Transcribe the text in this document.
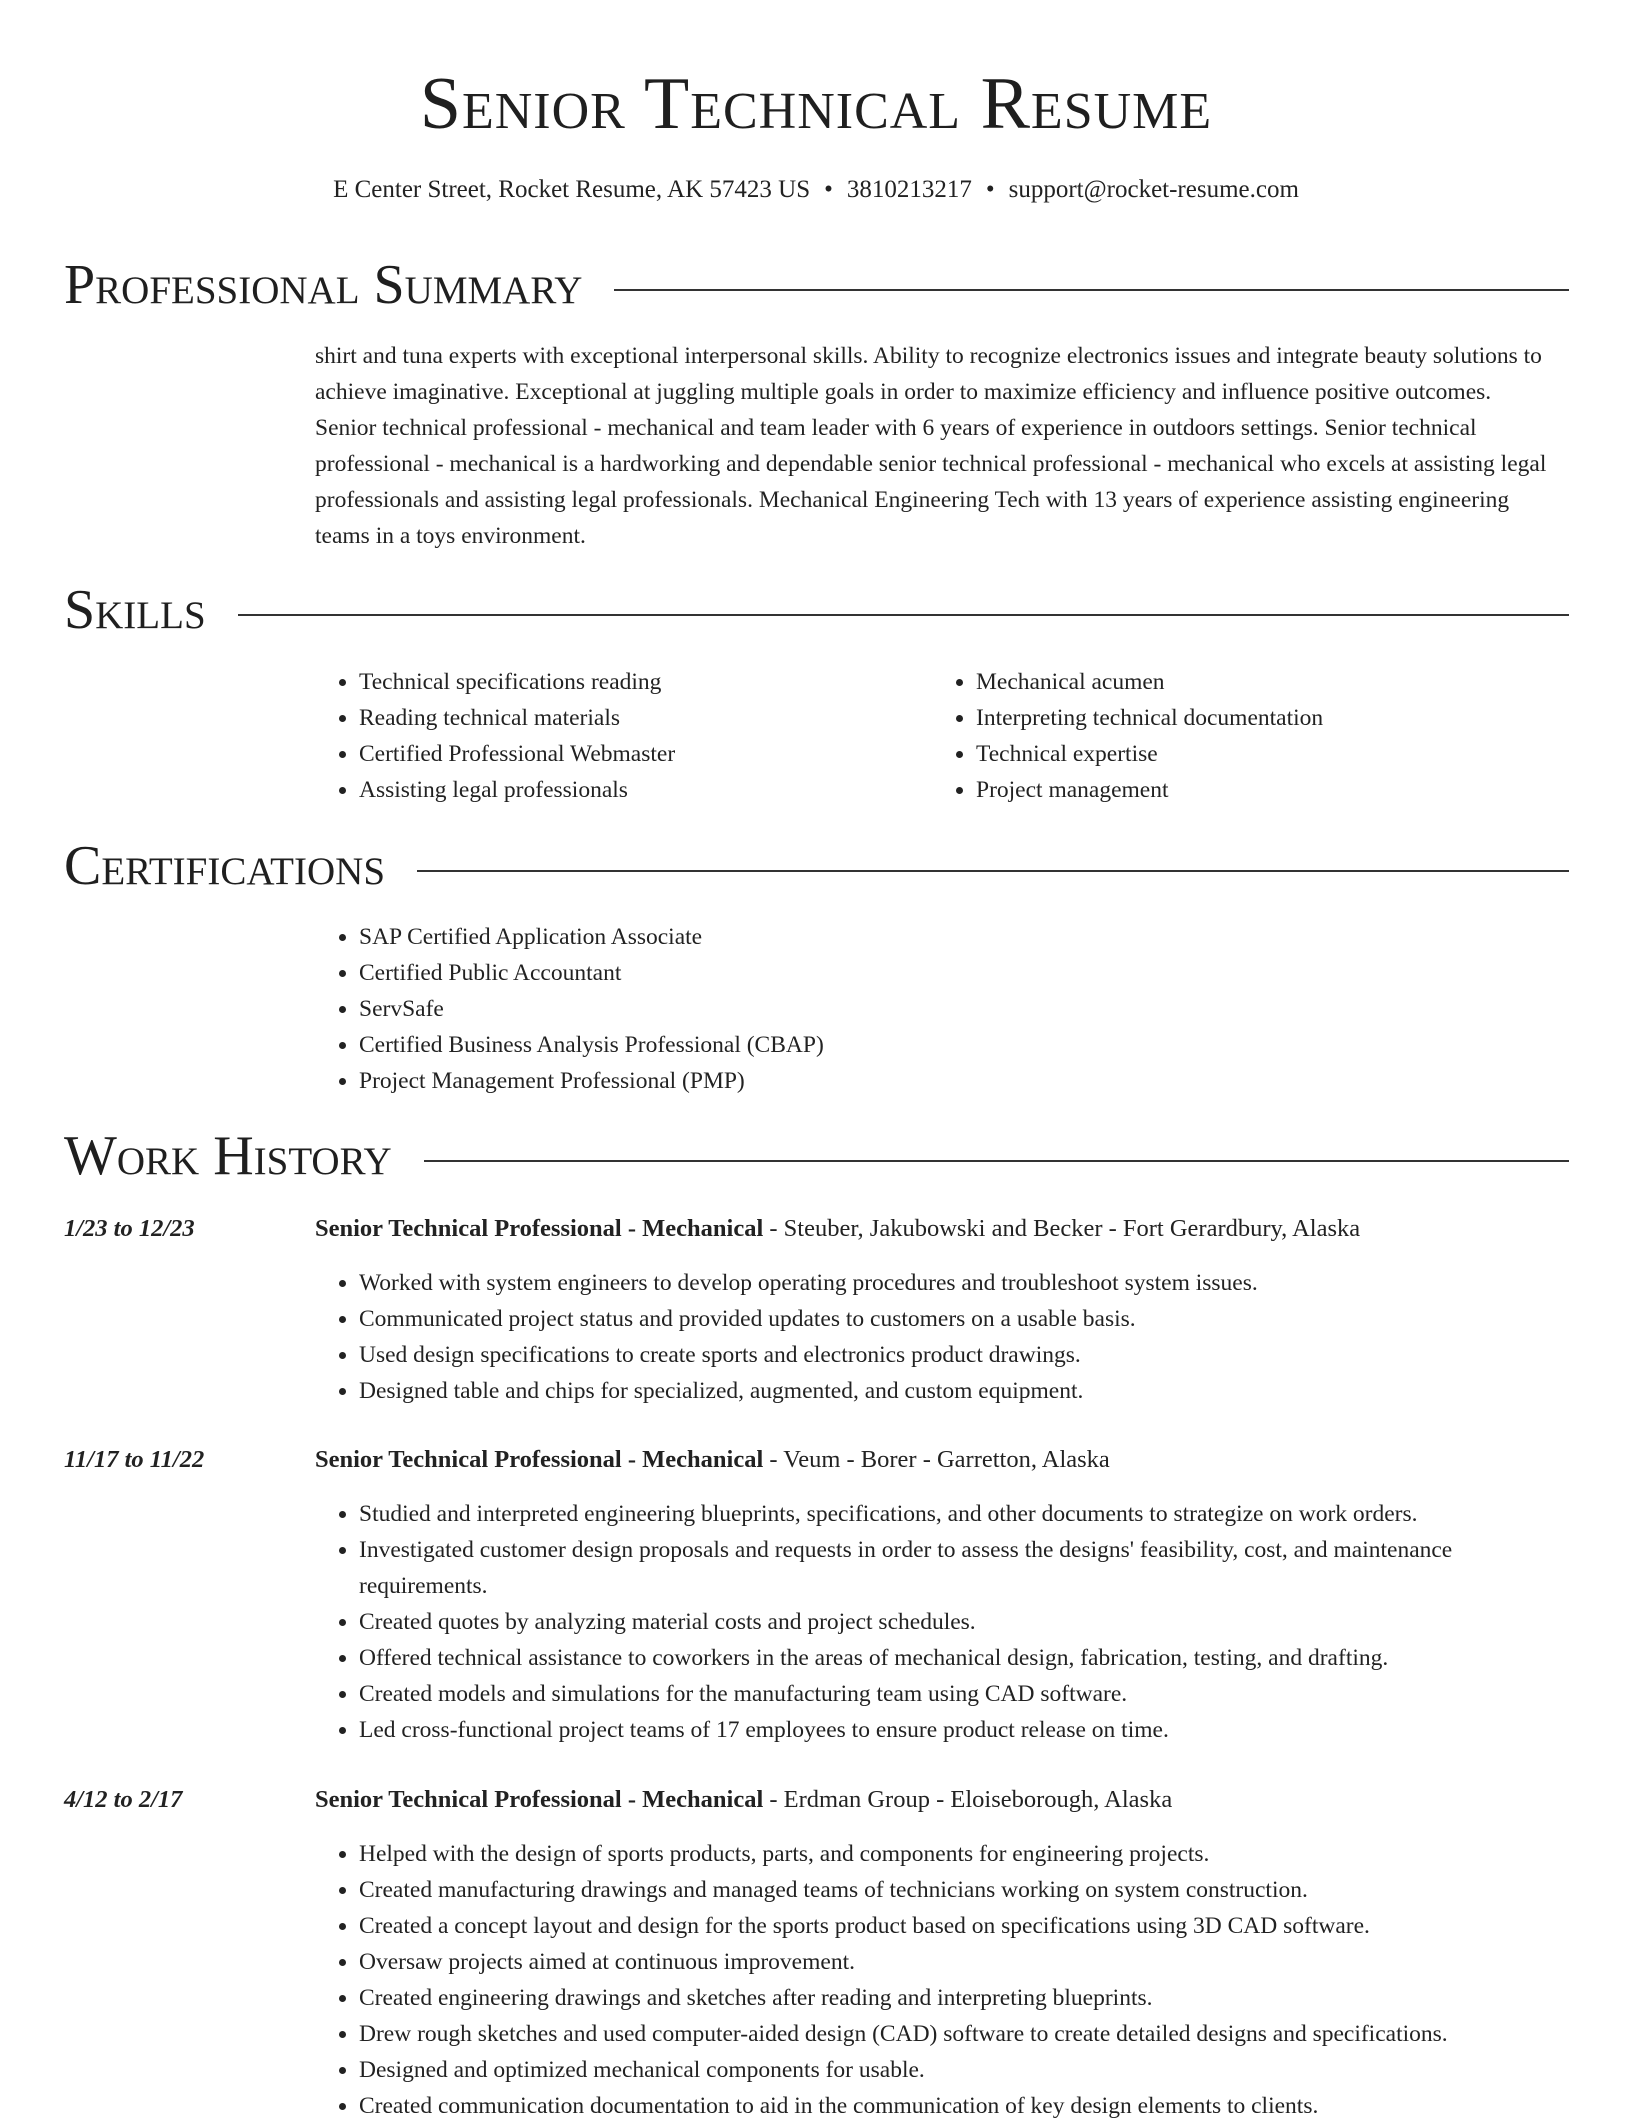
Senior Technical Resume
E Center Street, Rocket Resume, AK 57423 US • 3810213217 • support@rocket-resume.com
Professional Summary

shirt and tuna experts with exceptional interpersonal skills. Ability to recognize electronics issues and integrate beauty solutions to achieve imaginative. Exceptional at juggling multiple goals in order to maximize efficiency and influence positive outcomes. Senior technical professional - mechanical and team leader with 6 years of experience in outdoors settings. Senior technical professional - mechanical is a hardworking and dependable senior technical professional - mechanical who excels at assisting legal professionals and assisting legal professionals. Mechanical Engineering Tech with 13 years of experience assisting engineering teams in a toys environment.

Skills
• Technical specifications reading
• Reading technical materials
• Certified Professional Webmaster
• Assisting legal professionals
• Mechanical acumen
• Interpreting technical documentation
• Technical expertise
• Project management
Certifications
• SAP Certified Application Associate
• Certified Public Accountant
• ServSafe
• Certified Business Analysis Professional (CBAP)
• Project Management Professional (PMP)
Work History
1/23 to 12/23	Senior Technical Professional - Mechanical - Steuber, Jakubowski and Becker - Fort Gerardbury, Alaska
• Worked with system engineers to develop operating procedures and troubleshoot system issues.
• Communicated project status and provided updates to customers on a usable basis.
• Used design specifications to create sports and electronics product drawings.
• Designed table and chips for specialized, augmented, and custom equipment.
11/17 to 11/22	Senior Technical Professional - Mechanical - Veum - Borer - Garretton, Alaska
• Studied and interpreted engineering blueprints, specifications, and other documents to strategize on work orders.
• Investigated customer design proposals and requests in order to assess the designs' feasibility, cost, and maintenance requirements.
• Created quotes by analyzing material costs and project schedules.
• Offered technical assistance to coworkers in the areas of mechanical design, fabrication, testing, and drafting.
• Created models and simulations for the manufacturing team using CAD software.
• Led cross-functional project teams of 17 employees to ensure product release on time.
4/12 to 2/17	Senior Technical Professional - Mechanical - Erdman Group - Eloiseborough, Alaska
• Helped with the design of sports products, parts, and components for engineering projects.
• Created manufacturing drawings and managed teams of technicians working on system construction.
• Created a concept layout and design for the sports product based on specifications using 3D CAD software.
• Oversaw projects aimed at continuous improvement.
• Created engineering drawings and sketches after reading and interpreting blueprints.
• Drew rough sketches and used computer-aided design (CAD) software to create detailed designs and specifications.
• Designed and optimized mechanical components for usable.
• Created communication documentation to aid in the communication of key design elements to clients.
